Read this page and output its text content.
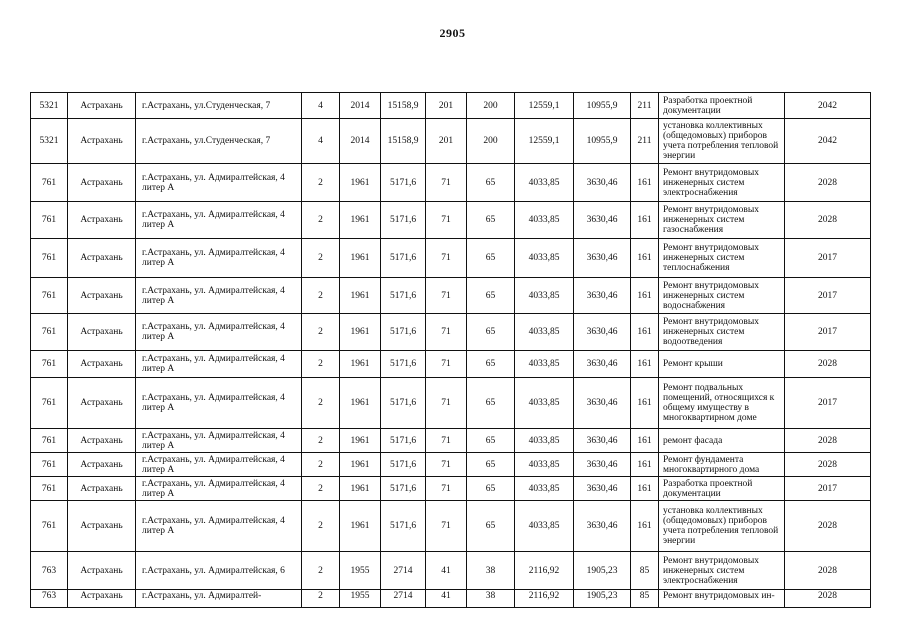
2905
5321	Астрахань	г.Астрахань, ул.Студенческая, 7	4	2014	15158,9	201	200	12559,1	10955,9	211	Разработка проектной документации	2042
5321	Астрахань	г.Астрахань, ул.Студенческая, 7	4	2014	15158,9	201	200	12559,1	10955,9	211	установка коллективных (общедомовых) приборов учета потребления тепловой энергии	2042
761	Астрахань	г.Астрахань, ул. Адмиралтейская, 4 литер А	2	1961	5171,6	71	65	4033,85	3630,46	161	Ремонт внутридомовых инженерных систем электроснабжения	2028
761	Астрахань	г.Астрахань, ул. Адмиралтейская, 4 литер А	2	1961	5171,6	71	65	4033,85	3630,46	161	Ремонт внутридомовых инженерных систем газоснабжения	2028
761	Астрахань	г.Астрахань, ул. Адмиралтейская, 4 литер А	2	1961	5171,6	71	65	4033,85	3630,46	161	Ремонт внутридомовых инженерных систем теплоснабжения	2017
761	Астрахань	г.Астрахань, ул. Адмиралтейская, 4 литер А	2	1961	5171,6	71	65	4033,85	3630,46	161	Ремонт внутридомовых инженерных систем водоснабжения	2017
761	Астрахань	г.Астрахань, ул. Адмиралтейская, 4 литер А	2	1961	5171,6	71	65	4033,85	3630,46	161	Ремонт внутридомовых инженерных систем водоотведения	2017
761	Астрахань	г.Астрахань, ул. Адмиралтейская, 4 литер А	2	1961	5171,6	71	65	4033,85	3630,46	161	Ремонт крыши	2028
761	Астрахань	г.Астрахань, ул. Адмиралтейская, 4 литер А	2	1961	5171,6	71	65	4033,85	3630,46	161	Ремонт подвальных помещений, относящихся к общему имуществу в многоквартирном доме	2017
761	Астрахань	г.Астрахань, ул. Адмиралтейская, 4 литер А	2	1961	5171,6	71	65	4033,85	3630,46	161	ремонт фасада	2028
761	Астрахань	г.Астрахань, ул. Адмиралтейская, 4 литер А	2	1961	5171,6	71	65	4033,85	3630,46	161	Ремонт фундамента многоквартирного дома	2028
761	Астрахань	г.Астрахань, ул. Адмиралтейская, 4 литер А	2	1961	5171,6	71	65	4033,85	3630,46	161	Разработка проектной документации	2017
761	Астрахань	г.Астрахань, ул. Адмиралтейская, 4 литер А	2	1961	5171,6	71	65	4033,85	3630,46	161	установка коллективных (общедомовых) приборов учета потребления тепловой энергии	2028
763	Астрахань	г.Астрахань, ул. Адмиралтейская, 6	2	1955	2714	41	38	2116,92	1905,23	85	Ремонт внутридомовых инженерных систем электроснабжения	2028
763	Астрахань	г.Астрахань, ул. Адмиралтей-	2	1955	2714	41	38	2116,92	1905,23	85	Ремонт внутридомовых ин-	2028
